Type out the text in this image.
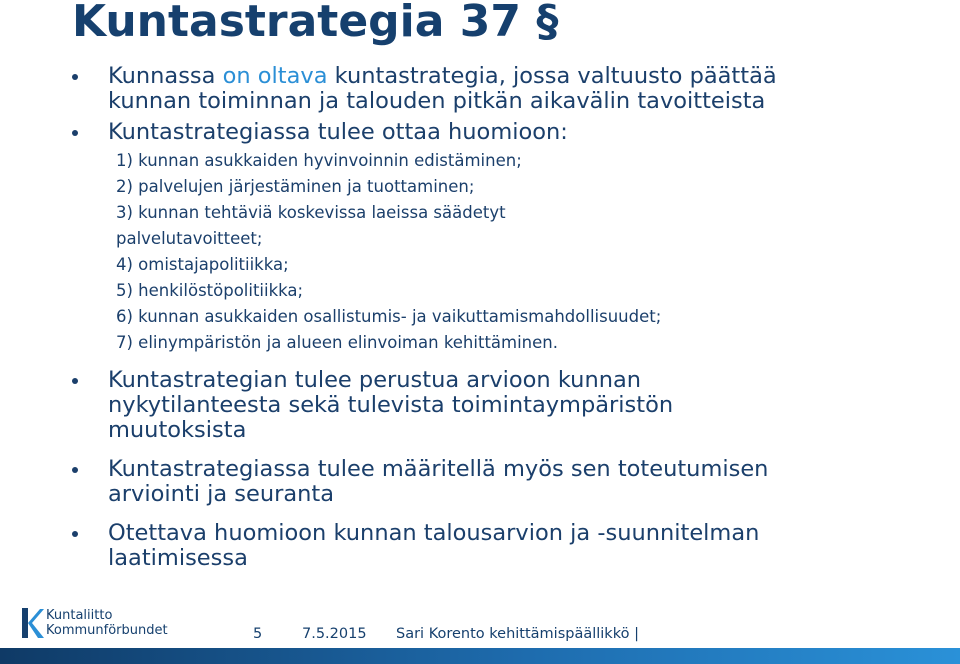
Kuntastrategia 37 §
Kunnassa on oltava kuntastrategia, jossa valtuusto päättää
kunnan toiminnan ja talouden pitkän aikavälin tavoitteista
Kuntastrategiassa tulee ottaa huomioon:
1) kunnan asukkaiden hyvinvoinnin edistäminen;
2) palvelujen järjestäminen ja tuottaminen;
3) kunnan tehtäviä koskevissa laeissa säädetyt
palvelutavoitteet;
4) omistajapolitiikka;
5) henkilöstöpolitiikka;
6) kunnan asukkaiden osallistumis- ja vaikuttamismahdollisuudet;
7) elinympäristön ja alueen elinvoiman kehittäminen.
Kuntastrategian tulee perustua arvioon kunnan
nykytilanteesta sekä tulevista toimintaympäristön
muutoksista
Kuntastrategiassa tulee määritellä myös sen toteutumisen
arviointi ja seuranta
Otettava huomioon kunnan talousarvion ja -suunnitelman
laatimisessa
Kuntaliitto
Kommunförbundet	5	7.5.2015 Sari Korento kehittämispäällikkö |
